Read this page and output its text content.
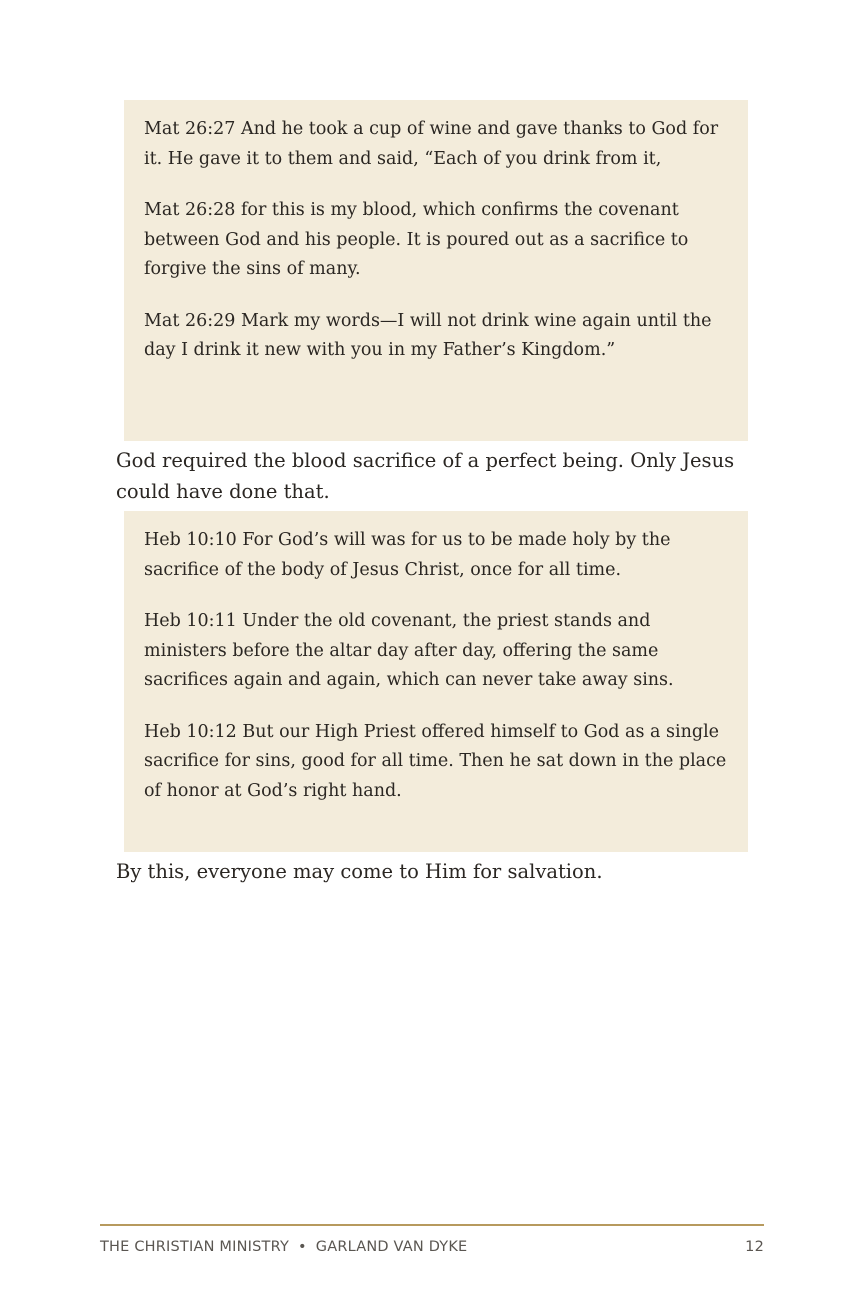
Mat 26:27 And he took a cup of wine and gave thanks to God for it. He gave it to them and said, “Each of you drink from it,

Mat 26:28 for this is my blood, which confirms the covenant between God and his people. It is poured out as a sacrifice to forgive the sins of many.

Mat 26:29 Mark my words—I will not drink wine again until the day I drink it new with you in my Father’s Kingdom.”

God required the blood sacrifice of a perfect being. Only Jesus could have done that.

Heb 10:10 For God’s will was for us to be made holy by the sacrifice of the body of Jesus Christ, once for all time.

Heb 10:11 Under the old covenant, the priest stands and ministers before the altar day after day, offering the same sacrifices again and again, which can never take away sins.

Heb 10:12 But our High Priest offered himself to God as a single sacrifice for sins, good for all time. Then he sat down in the place of honor at God’s right hand.

By this, everyone may come to Him for salvation.

THE CHRISTIAN MINISTRY • GARLAND VAN DYKE	12
